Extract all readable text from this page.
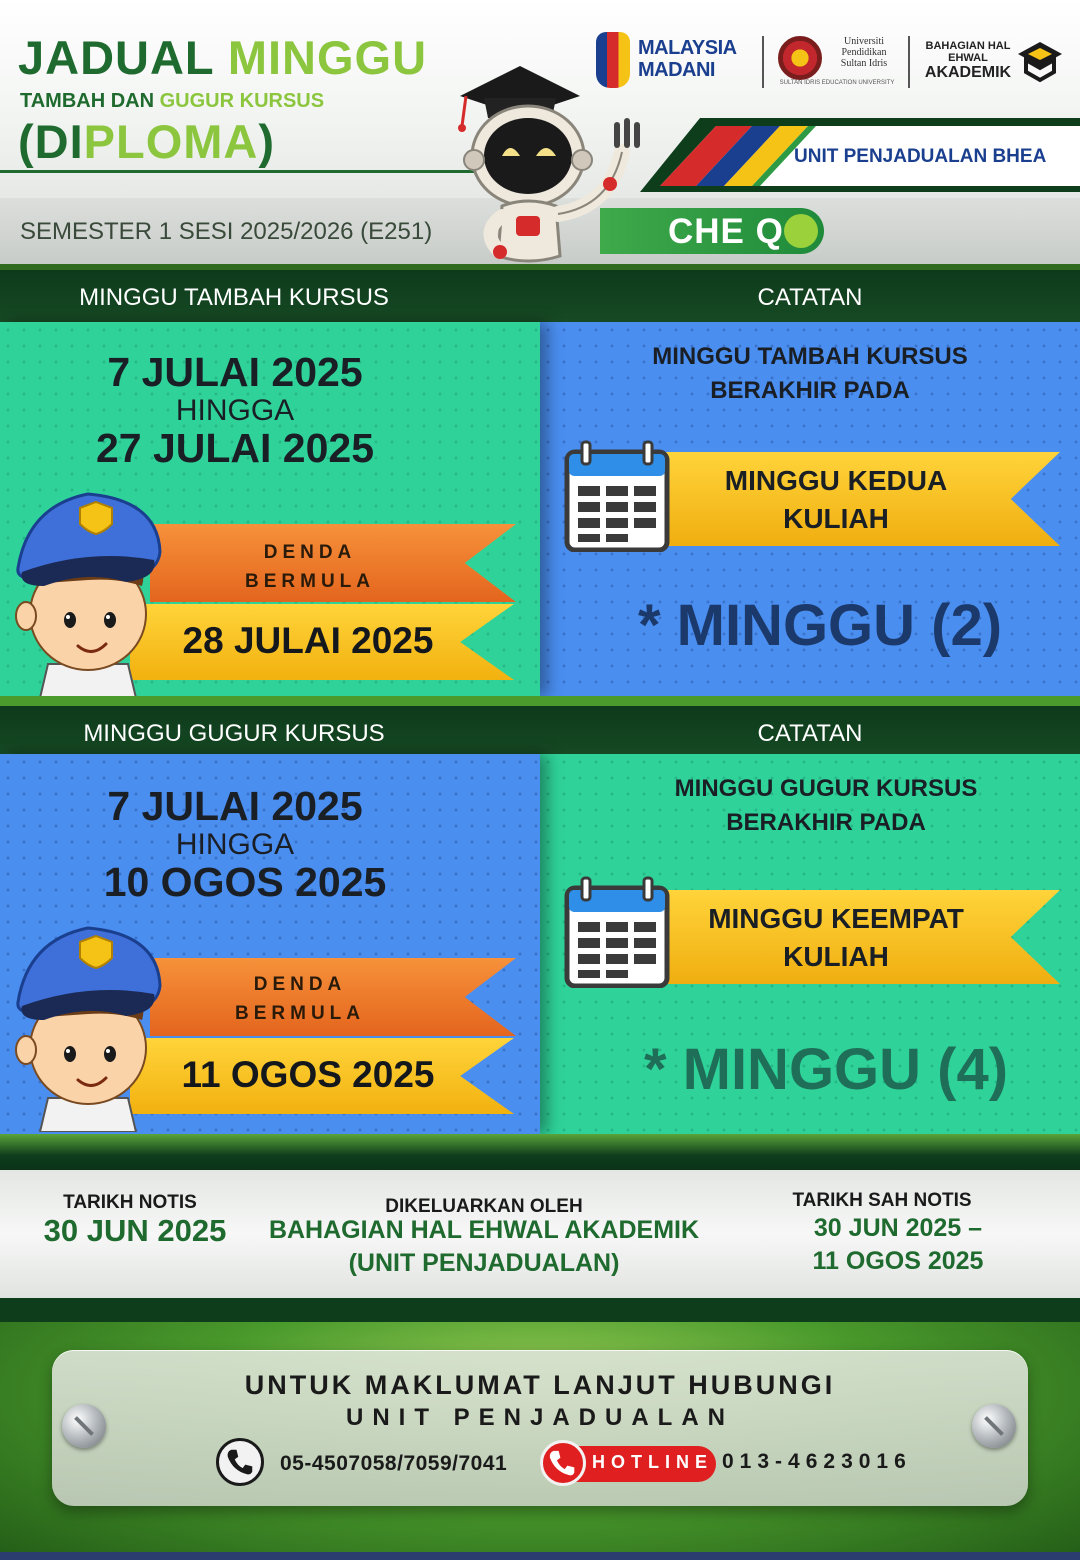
JADUAL MINGGU
TAMBAH DAN GUGUR KURSUS
(DIPLOMA)
MALAYSIA
MADANI
Universiti
Pendidikan
Sultan Idris
SULTAN IDRIS EDUCATION UNIVERSITY
BAHAGIAN HAL EHWAL
AKADEMIK
UNIT PENJADUALAN BHEA
SEMESTER 1 SESI 2025/2026 (E251)	CHE Q
MINGGU TAMBAH KURSUS	CATATAN
7 JULAI 2025
HINGGA
27 JULAI 2025
DENDA
BERMULA
28 JULAI 2025
MINGGU TAMBAH KURSUS
BERAKHIR PADA
MINGGU KEDUA
KULIAH
* MINGGU (2)
MINGGU GUGUR KURSUS	CATATAN
7 JULAI 2025
HINGGA
10 OGOS 2025
DENDA
BERMULA
11 OGOS 2025
MINGGU GUGUR KURSUS
BERAKHIR PADA
MINGGU KEEMPAT
KULIAH
* MINGGU (4)
TARIKH NOTIS
30 JUN 2025
DIKELUARKAN OLEH
BAHAGIAN HAL EHWAL AKADEMIK
(UNIT PENJADUALAN)
TARIKH SAH NOTIS
30 JUN 2025 –
11 OGOS 2025
UNTUK MAKLUMAT LANJUT HUBUNGI
UNIT PENJADUALAN
05-4507058/7059/7041	HOTLINE 013-4623016
